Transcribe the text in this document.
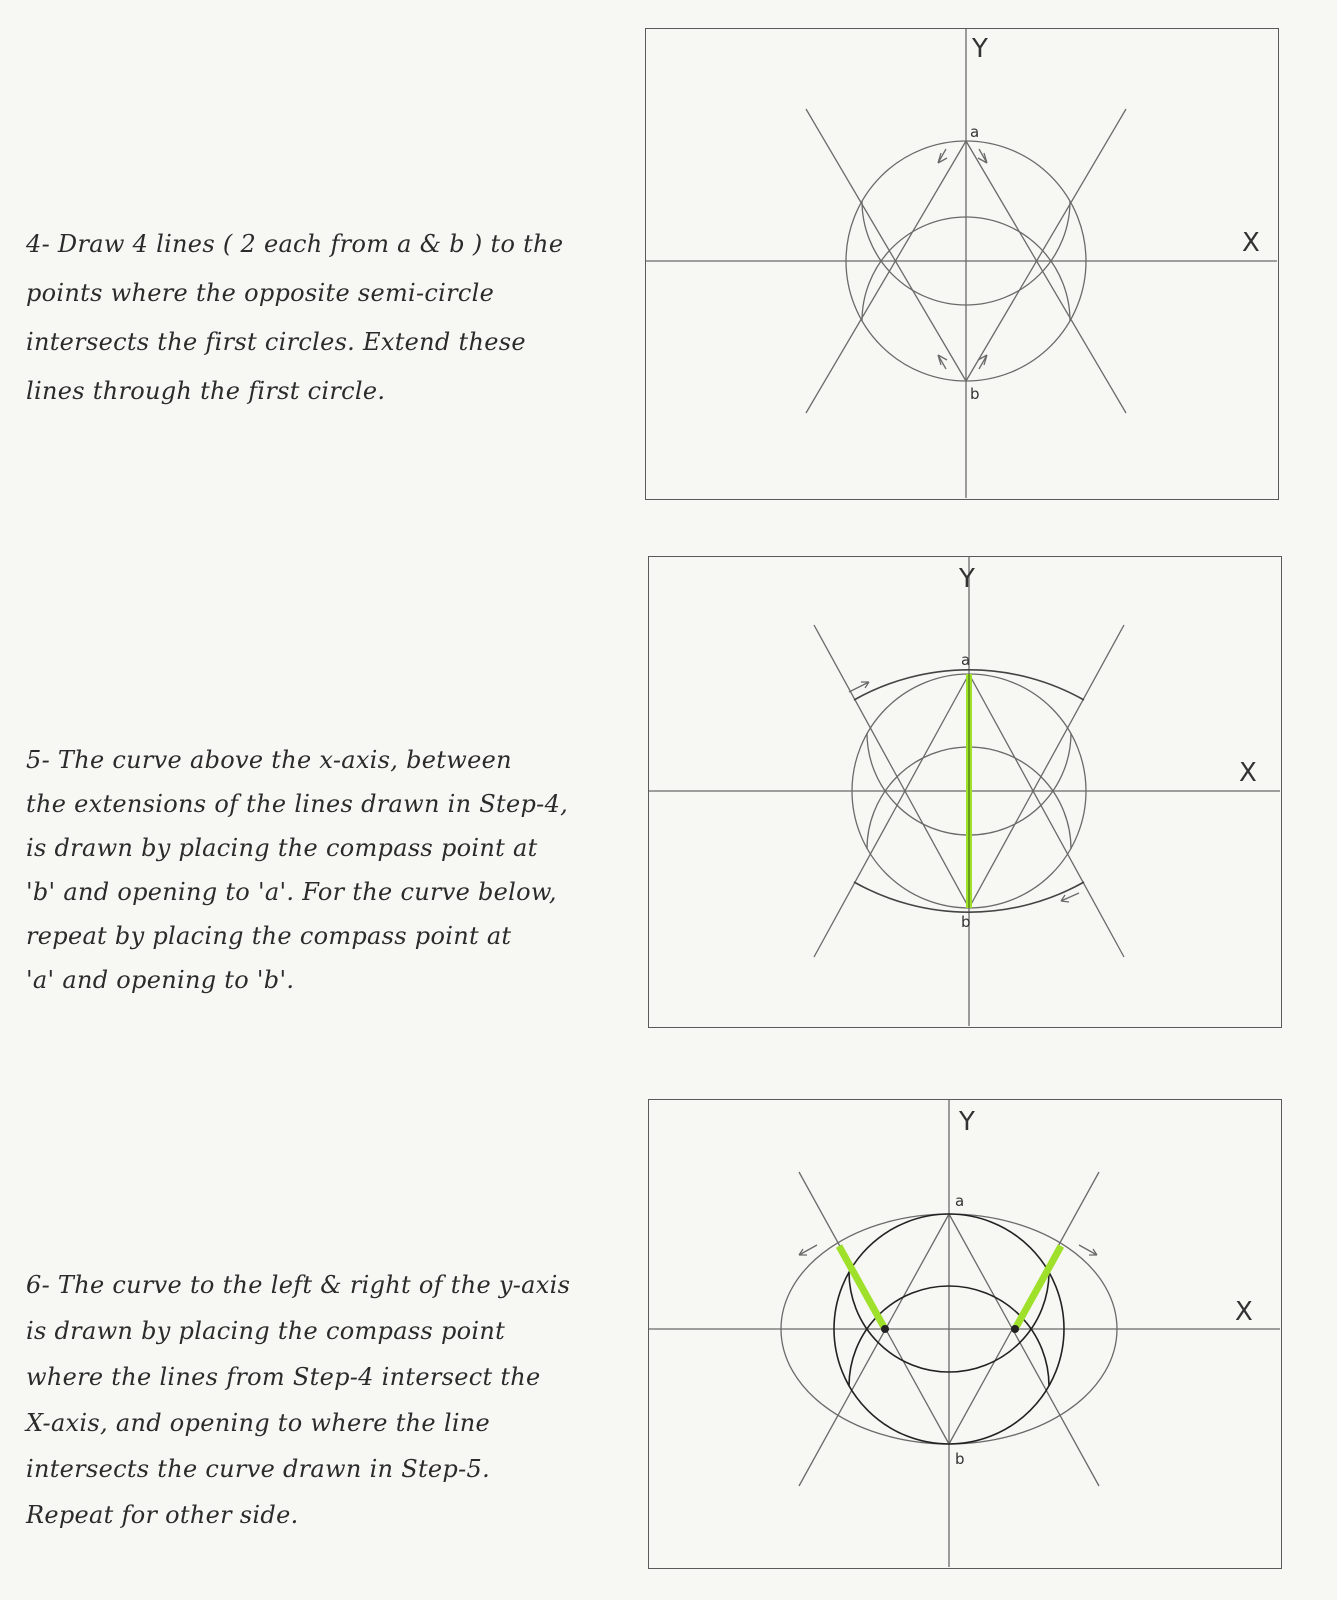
4- Draw 4 lines ( 2 each from a & b ) to the
points where the opposite semi-circle
intersects the first circles. Extend these
lines through the first circle.
5- The curve above the x-axis, between
the extensions of the lines drawn in Step-4,
is drawn by placing the compass point at
'b' and opening to 'a'. For the curve below,
repeat by placing the compass point at
'a' and opening to 'b'.
6- The curve to the left & right of the y-axis
is drawn by placing the compass point
where the lines from Step-4 intersect the
X-axis, and opening to where the line
intersects the curve drawn in Step-5.
Repeat for other side.
Y
X
a
b
Y
X
a
b
Y
X
a
b
